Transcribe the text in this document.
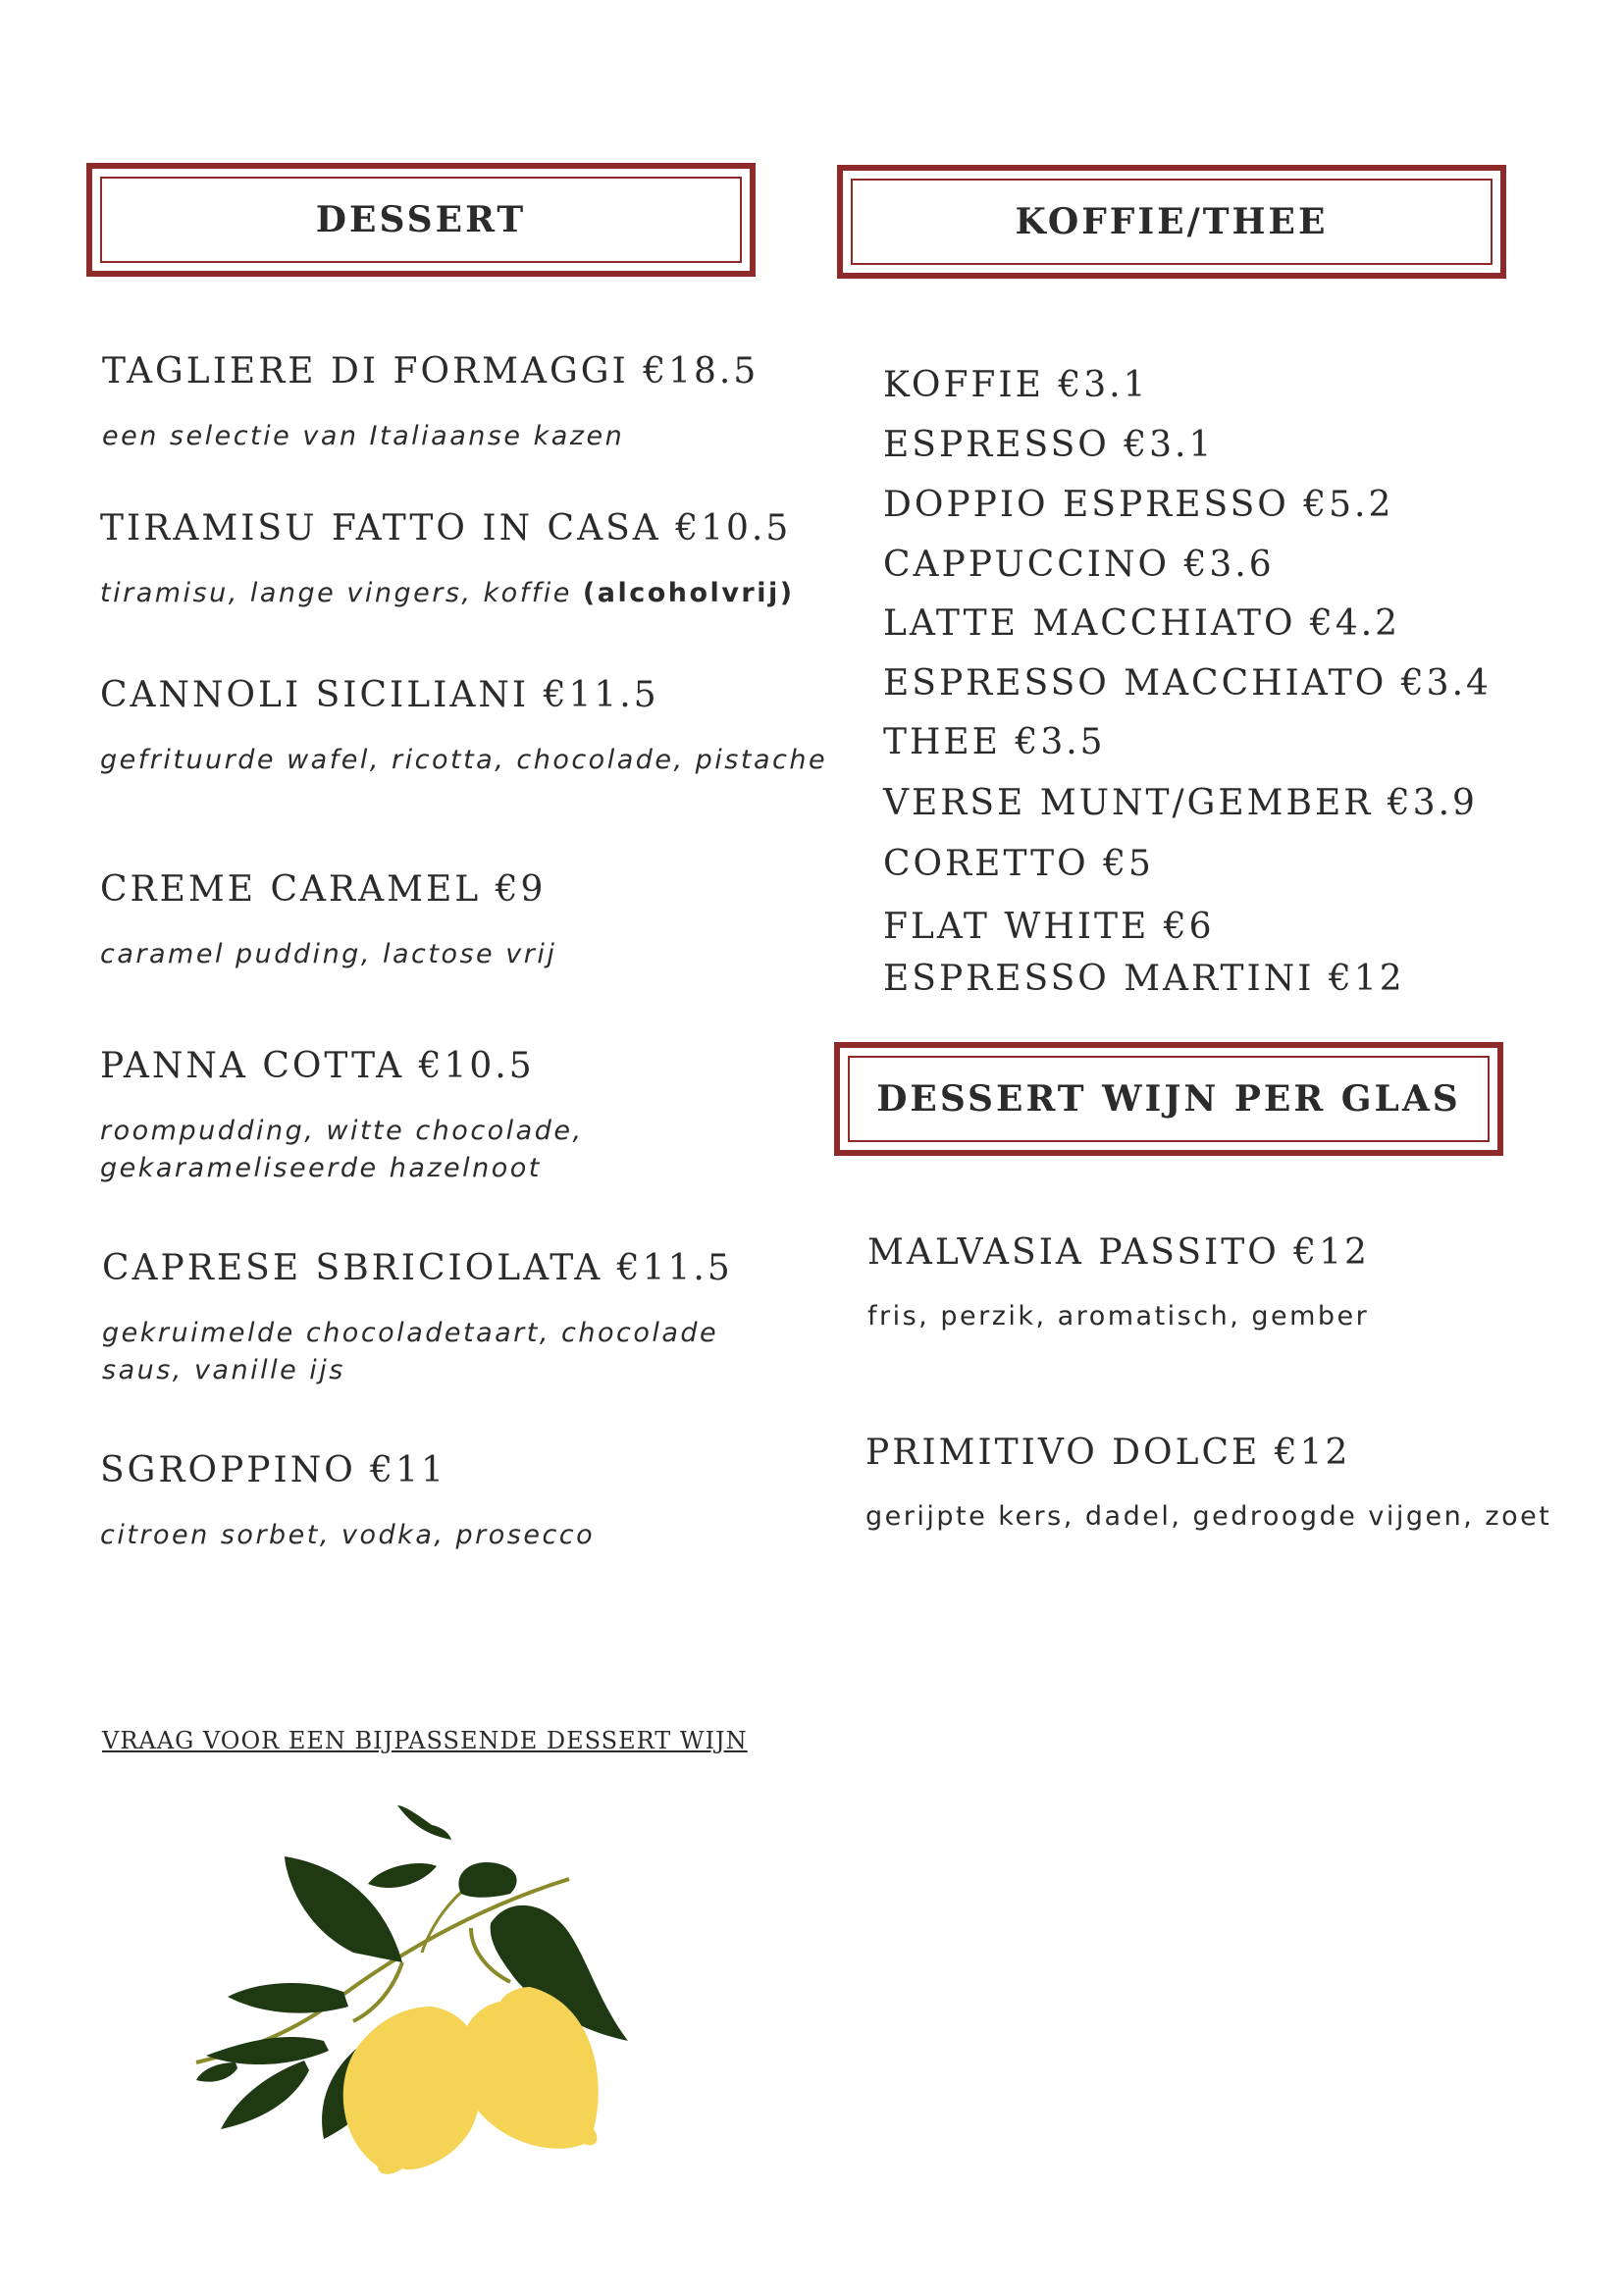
DESSERT	KOFFIE/THEE
TAGLIERE DI FORMAGGI €18.5
een selectie van Italiaanse kazen
TIRAMISU FATTO IN CASA €10.5
tiramisu, lange vingers, koffie (alcoholvrij)
CANNOLI SICILIANI €11.5
gefrituurde wafel, ricotta, chocolade, pistache
CREME CARAMEL €9
caramel pudding, lactose vrij
PANNA COTTA €10.5
roompudding, witte chocolade, gekarameliseerde hazelnoot
CAPRESE SBRICIOLATA €11.5
gekruimelde chocoladetaart, chocolade saus, vanille ijs
SGROPPINO €11
citroen sorbet, vodka, prosecco
KOFFIE €3.1
ESPRESSO €3.1
DOPPIO ESPRESSO €5.2
CAPPUCCINO €3.6
LATTE MACCHIATO €4.2
ESPRESSO MACCHIATO €3.4
THEE €3.5
VERSE MUNT/GEMBER €3.9
CORETTO €5
FLAT WHITE €6
ESPRESSO MARTINI €12
DESSERT WIJN PER GLAS
MALVASIA PASSITO €12
fris, perzik, aromatisch, gember
PRIMITIVO DOLCE €12
gerijpte kers, dadel, gedroogde vijgen, zoet
VRAAG VOOR EEN BIJPASSENDE DESSERT WIJN
